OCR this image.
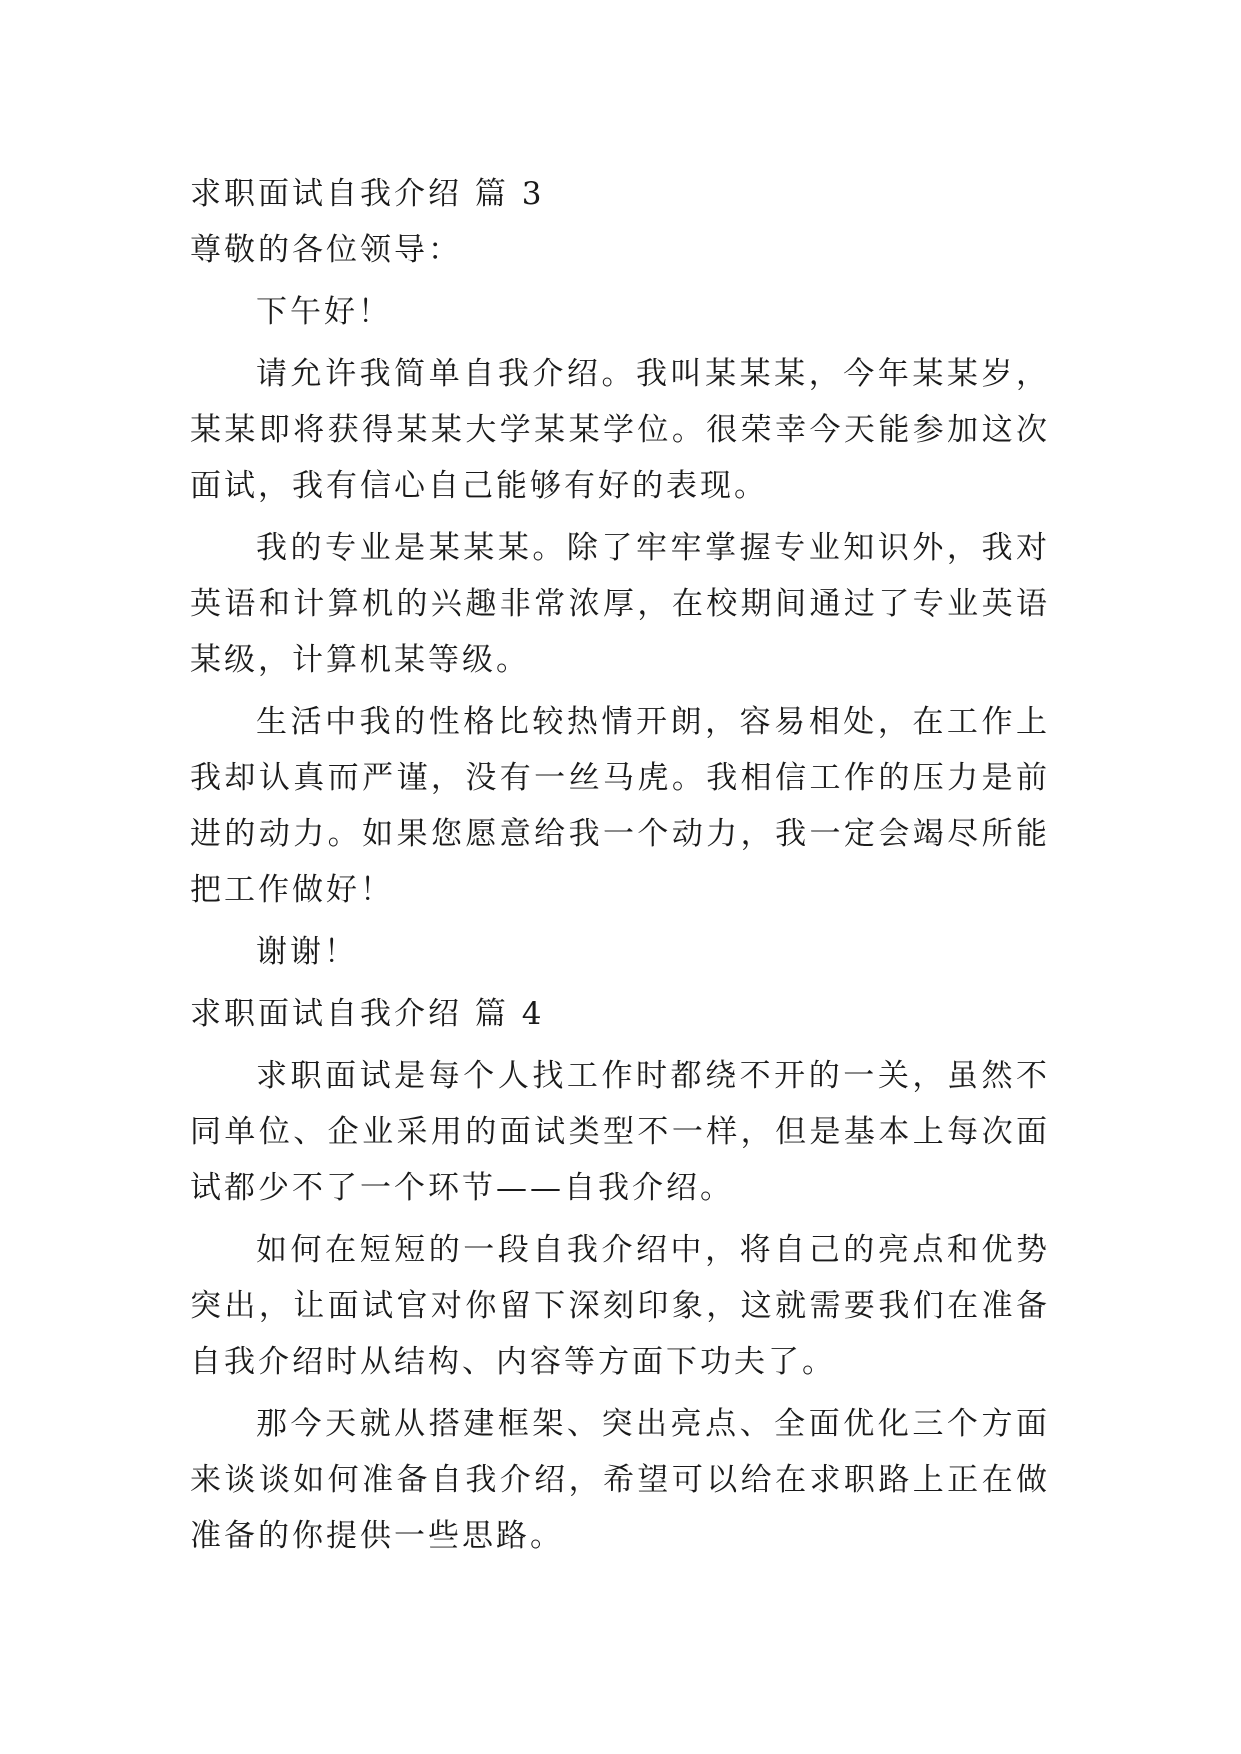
求职面试自我介绍 篇 3

尊敬的各位领导：

下午好！

请允许我简单自我介绍。我叫某某某，今年某某岁，某某即将获得某某大学某某学位。很荣幸今天能参加这次面试，我有信心自己能够有好的表现。

我的专业是某某某。除了牢牢掌握专业知识外，我对英语和计算机的兴趣非常浓厚，在校期间通过了专业英语某级，计算机某等级。

生活中我的性格比较热情开朗，容易相处，在工作上我却认真而严谨，没有一丝马虎。我相信工作的压力是前进的动力。如果您愿意给我一个动力，我一定会竭尽所能把工作做好！

谢谢！

求职面试自我介绍 篇 4

求职面试是每个人找工作时都绕不开的一关，虽然不同单位、企业采用的面试类型不一样，但是基本上每次面试都少不了一个环节——自我介绍。

如何在短短的一段自我介绍中，将自己的亮点和优势突出，让面试官对你留下深刻印象，这就需要我们在准备自我介绍时从结构、内容等方面下功夫了。

那今天就从搭建框架、突出亮点、全面优化三个方面来谈谈如何准备自我介绍，希望可以给在求职路上正在做准备的你提供一些思路。
